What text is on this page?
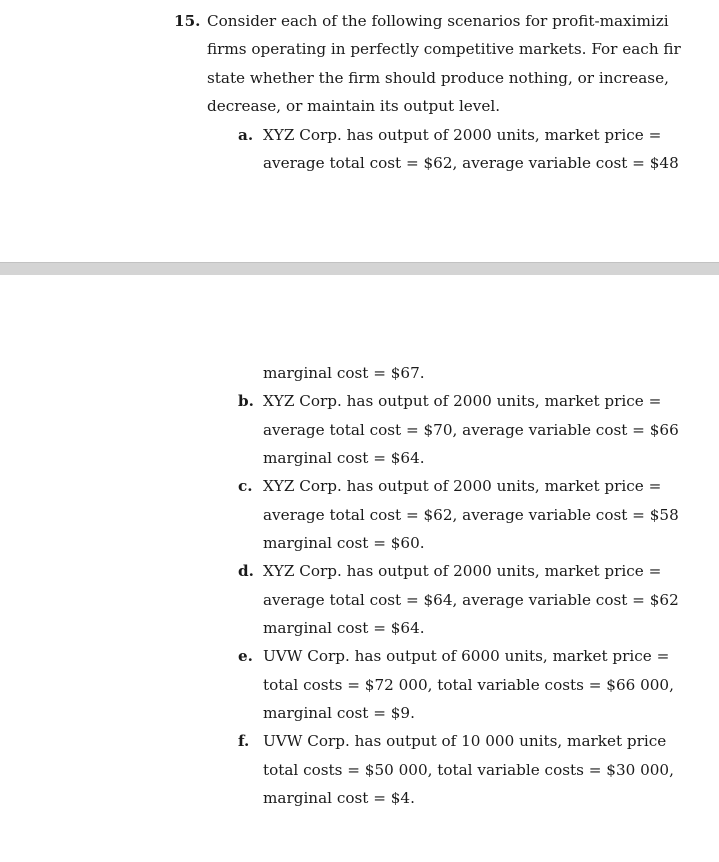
15. Consider each of the following scenarios for profit-maximizi
firms operating in perfectly competitive markets. For each fir
state whether the firm should produce nothing, or increase,
decrease, or maintain its output level.
a. XYZ Corp. has output of 2000 units, market price =
average total cost = $62, average variable cost = $48
marginal cost = $67.
b. XYZ Corp. has output of 2000 units, market price =
average total cost = $70, average variable cost = $66
marginal cost = $64.
c. XYZ Corp. has output of 2000 units, market price =
average total cost = $62, average variable cost = $58
marginal cost = $60.
d. XYZ Corp. has output of 2000 units, market price =
average total cost = $64, average variable cost = $62
marginal cost = $64.
e. UVW Corp. has output of 6000 units, market price =
total costs = $72 000, total variable costs = $66 000,
marginal cost = $9.
f. UVW Corp. has output of 10 000 units, market price
total costs = $50 000, total variable costs = $30 000,
marginal cost = $4.
